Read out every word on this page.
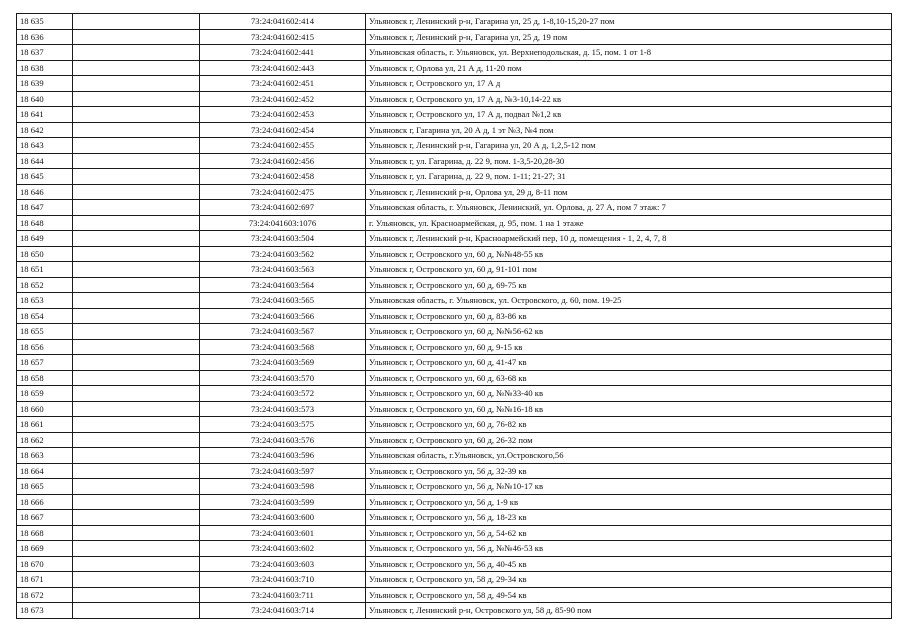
18 635		73:24:041602:414	Ульяновск г, Ленинский р-н, Гагарина ул, 25 д, 1-8,10-15,20-27 пом
18 636		73:24:041602:415	Ульяновск г, Ленинский р-н, Гагарина ул, 25 д, 19 пом
18 637		73:24:041602:441	Ульяновская область, г. Ульяновск, ул. Верхнеподольская, д. 15, пом. 1 от 1-8
18 638		73:24:041602:443	Ульяновск г, Орлова ул, 21 А д, 11-20 пом
18 639		73:24:041602:451	Ульяновск г, Островского ул, 17 А д
18 640		73:24:041602:452	Ульяновск г, Островского ул, 17 А д, №3-10,14-22 кв
18 641		73:24:041602:453	Ульяновск г, Островского ул, 17 А д, подвал №1,2 кв
18 642		73:24:041602:454	Ульяновск г, Гагарина ул, 20 А д, 1 эт №3, №4 пом
18 643		73:24:041602:455	Ульяновск г, Ленинский р-н, Гагарина ул, 20 А д, 1,2,5-12 пом
18 644		73:24:041602:456	Ульяновск г, ул. Гагарина, д. 22 9, пом. 1-3,5-20,28-30
18 645		73:24:041602:458	Ульяновск г, ул. Гагарина, д. 22 9, пом. 1-11; 21-27; 31
18 646		73:24:041602:475	Ульяновск г, Ленинский р-н, Орлова ул, 29 д, 8-11 пом
18 647		73:24:041602:697	Ульяновская область, г. Ульяновск, Ленинский, ул. Орлова, д. 27 А, пом 7 этаж: 7
18 648		73:24:041603:1076	г. Ульяновск, ул. Красноармейская, д. 95, пом. 1 на 1 этаже
18 649		73:24:041603:504	Ульяновск г, Ленинский р-н, Красноармейский пер, 10 д, помещения - 1, 2, 4, 7, 8
18 650		73:24:041603:562	Ульяновск г, Островского ул, 60 д, №№48-55 кв
18 651		73:24:041603:563	Ульяновск г, Островского ул, 60 д, 91-101 пом
18 652		73:24:041603:564	Ульяновск г, Островского ул, 60 д, 69-75 кв
18 653		73:24:041603:565	Ульяновская область, г. Ульяновск, ул. Островского, д. 60, пом. 19-25
18 654		73:24:041603:566	Ульяновск г, Островского ул, 60 д, 83-86 кв
18 655		73:24:041603:567	Ульяновск г, Островского ул, 60 д, №№56-62 кв
18 656		73:24:041603:568	Ульяновск г, Островского ул, 60 д, 9-15 кв
18 657		73:24:041603:569	Ульяновск г, Островского ул, 60 д, 41-47 кв
18 658		73:24:041603:570	Ульяновск г, Островского ул, 60 д, 63-68 кв
18 659		73:24:041603:572	Ульяновск г, Островского ул, 60 д, №№33-40 кв
18 660		73:24:041603:573	Ульяновск г, Островского ул, 60 д, №№16-18 кв
18 661		73:24:041603:575	Ульяновск г, Островского ул, 60 д, 76-82 кв
18 662		73:24:041603:576	Ульяновск г, Островского ул, 60 д, 26-32 пом
18 663		73:24:041603:596	Ульяновская область, г.Ульяновск, ул.Островского,56
18 664		73:24:041603:597	Ульяновск г, Островского ул, 56 д, 32-39 кв
18 665		73:24:041603:598	Ульяновск г, Островского ул, 56 д, №№10-17 кв
18 666		73:24:041603:599	Ульяновск г, Островского ул, 56 д, 1-9 кв
18 667		73:24:041603:600	Ульяновск г, Островского ул, 56 д, 18-23 кв
18 668		73:24:041603:601	Ульяновск г, Островского ул, 56 д, 54-62 кв
18 669		73:24:041603:602	Ульяновск г, Островского ул, 56 д, №№46-53 кв
18 670		73:24:041603:603	Ульяновск г, Островского ул, 56 д, 40-45 кв
18 671		73:24:041603:710	Ульяновск г, Островского ул, 58 д, 29-34 кв
18 672		73:24:041603:711	Ульяновск г, Островского ул, 58 д, 49-54 кв
18 673		73:24:041603:714	Ульяновск г, Ленинский р-н, Островского ул, 58 д, 85-90 пом
